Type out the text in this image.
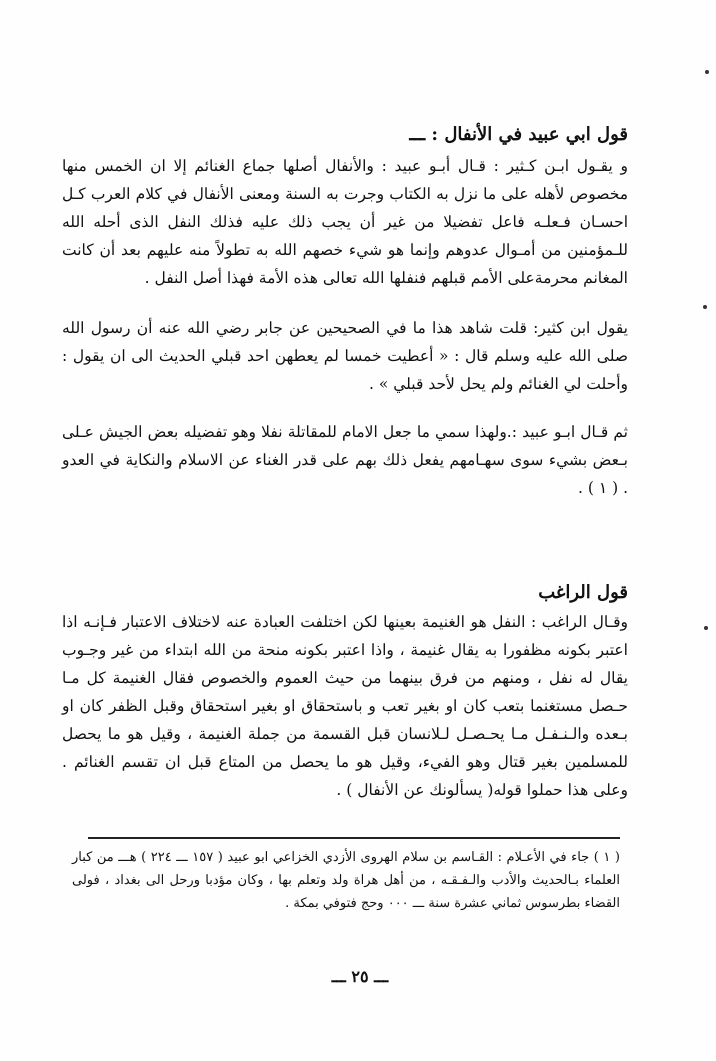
قول ابي عبيد في الأنفال : ـــ

و يقـول ابـن كـثير : قـال أبـو عبيد : والأنفال أصلها جماع الغنائم إلا ان الخمس منها مخصوص لأهله على ما نزل به الكتاب وجرت به السنة ومعنى الأنفال في كلام العرب كـل احسـان فـعلـه فاعل تفضيلا من غير أن يجب ذلك عليه فذلك النفل الذى أحله الله للـمؤمنين من أمـوال عدوهم وإنما هو شيء خصهم الله به تطولاً منه عليهم بعد أن كانت المغانم محرمةعلى الأمم قبلهم فنفلها الله تعالى هذه الأمة فهذا أصل النفل .

يقول ابن كثير: قلت شاهد هذا ما في الصحيحين عن جابر رضي الله عنه أن رسول الله صلى الله عليه وسلم قال : « أعطيت خمسا لم يعطهن احد قبلي الحديث الى ان يقول : وأحلت لي الغنائم ولم يحل لأحد قبلي » .

ثم قـال ابـو عبيد :.ولهذا سمي ما جعل الامام للمقاتلة نفلا وهو تفضيله بعض الجيش عـلى بـعض بشيء سوى سهـامهم يفعل ذلك بهم على قدر الغناء عن الاسلام والنكاية في العدو . ( ١ ) .

قول الراغب

وقـال الراغب : النفل هو الغنيمة بعينها لكن اختلفت العبادة عنه لاختلاف الاعتبار فـإنـه اذا اعتبر بكونه مظفورا به يقال غنيمة ، واذا اعتبر بكونه منحة من الله ابتداء من غير وجـوب يقال له نفل ، ومنهم من فرق بينهما من حيث العموم والخصوص فقال الغنيمة كل مـا حـصل مستغنما بتعب كان او بغير تعب و باستحقاق او بغير استحقاق وقبل الظفر كان او بـعده والـنـفـل مـا يحـصـل لـلانسان قبل القسمة من جملة الغنيمة ، وقيل هو ما يحصل للمسلمين بغير قتال وهو الفيء، وقيل هو ما يحصل من المتاع قبل ان تقسم الغنائم . وعلى هذا حملوا قوله( يسألونك عن الأنفال ) .

( ١ ) جاء في الأعـلام : القـاسم بن سلام الهروى الأزدي الخزاعي ابو عبيد ( ١٥٧ ـــ ٢٢٤ ) هـــ من كبار العلماء بـالحديث والأدب والـفـقـه ، من أهل هراة ولد وتعلم بها ، وكان مؤدبا ورحل الى بغداد ، فولى القضاء بطرسوس ثماني عشرة سنة ـــ ٠٠٠ وحج فتوفي بمكة .

ـــ ٢٥ ـــ
